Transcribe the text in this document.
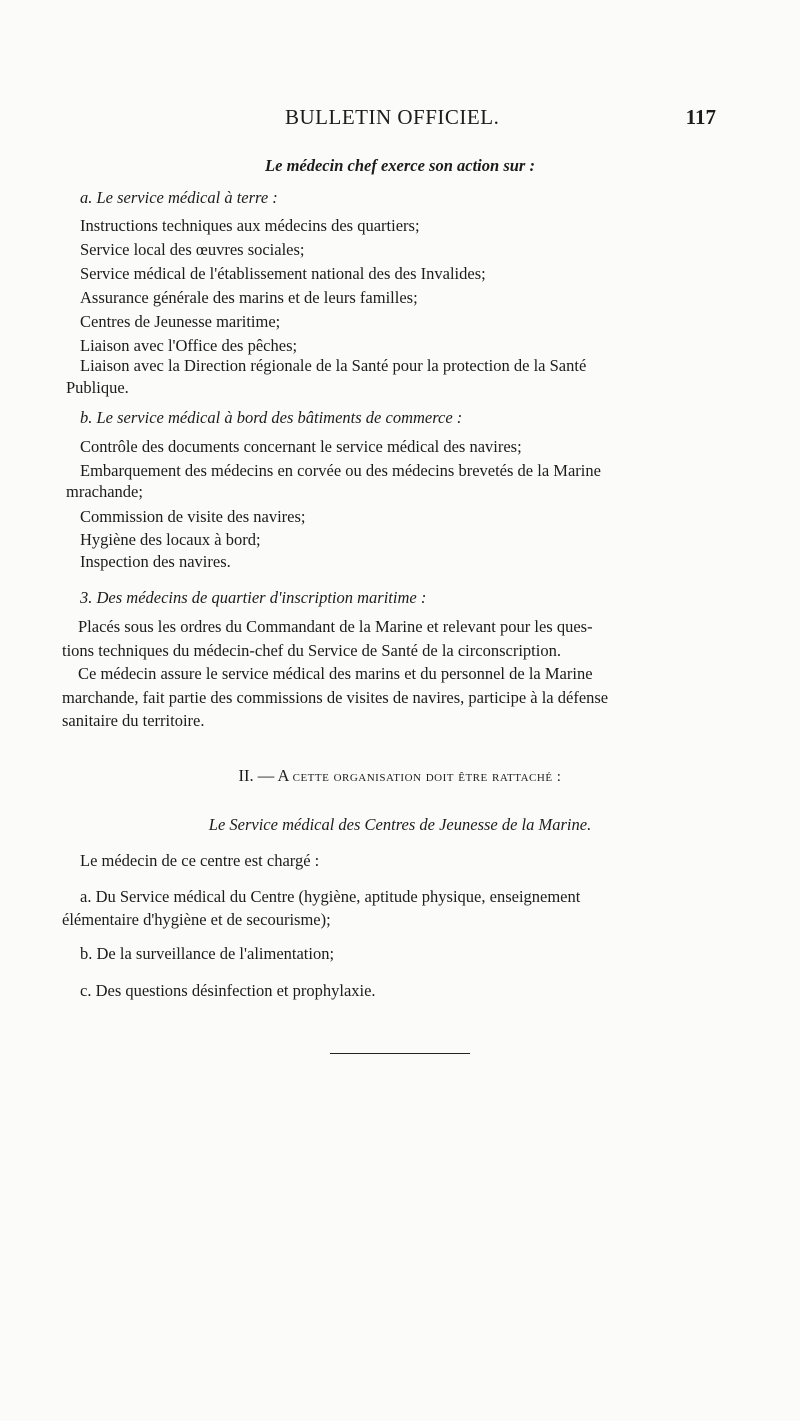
BULLETIN OFFICIEL.	117
Le médecin chef exerce son action sur :
a. Le service médical à terre :
Instructions techniques aux médecins des quartiers;
Service local des œuvres sociales;
Service médical de l'établissement national des des Invalides;
Assurance générale des marins et de leurs familles;
Centres de Jeunesse maritime;
Liaison avec l'Office des pêches;
Liaison avec la Direction régionale de la Santé pour la protection de la Santé
Publique.
b. Le service médical à bord des bâtiments de commerce :
Contrôle des documents concernant le service médical des navires;
Embarquement des médecins en corvée ou des médecins brevetés de la Marine
mrachande;
Commission de visite des navires;
Hygiène des locaux à bord;
Inspection des navires.
3. Des médecins de quartier d'inscription maritime :
Placés sous les ordres du Commandant de la Marine et relevant pour les ques-
tions techniques du médecin-chef du Service de Santé de la circonscription.
Ce médecin assure le service médical des marins et du personnel de la Marine
marchande, fait partie des commissions de visites de navires, participe à la défense
sanitaire du territoire.
II. — A cette organisation doit être rattaché :
Le Service médical des Centres de Jeunesse de la Marine.
Le médecin de ce centre est chargé :
a. Du Service médical du Centre (hygiène, aptitude physique, enseignement
élémentaire d'hygiène et de secourisme);
b. De la surveillance de l'alimentation;
c. Des questions désinfection et prophylaxie.
